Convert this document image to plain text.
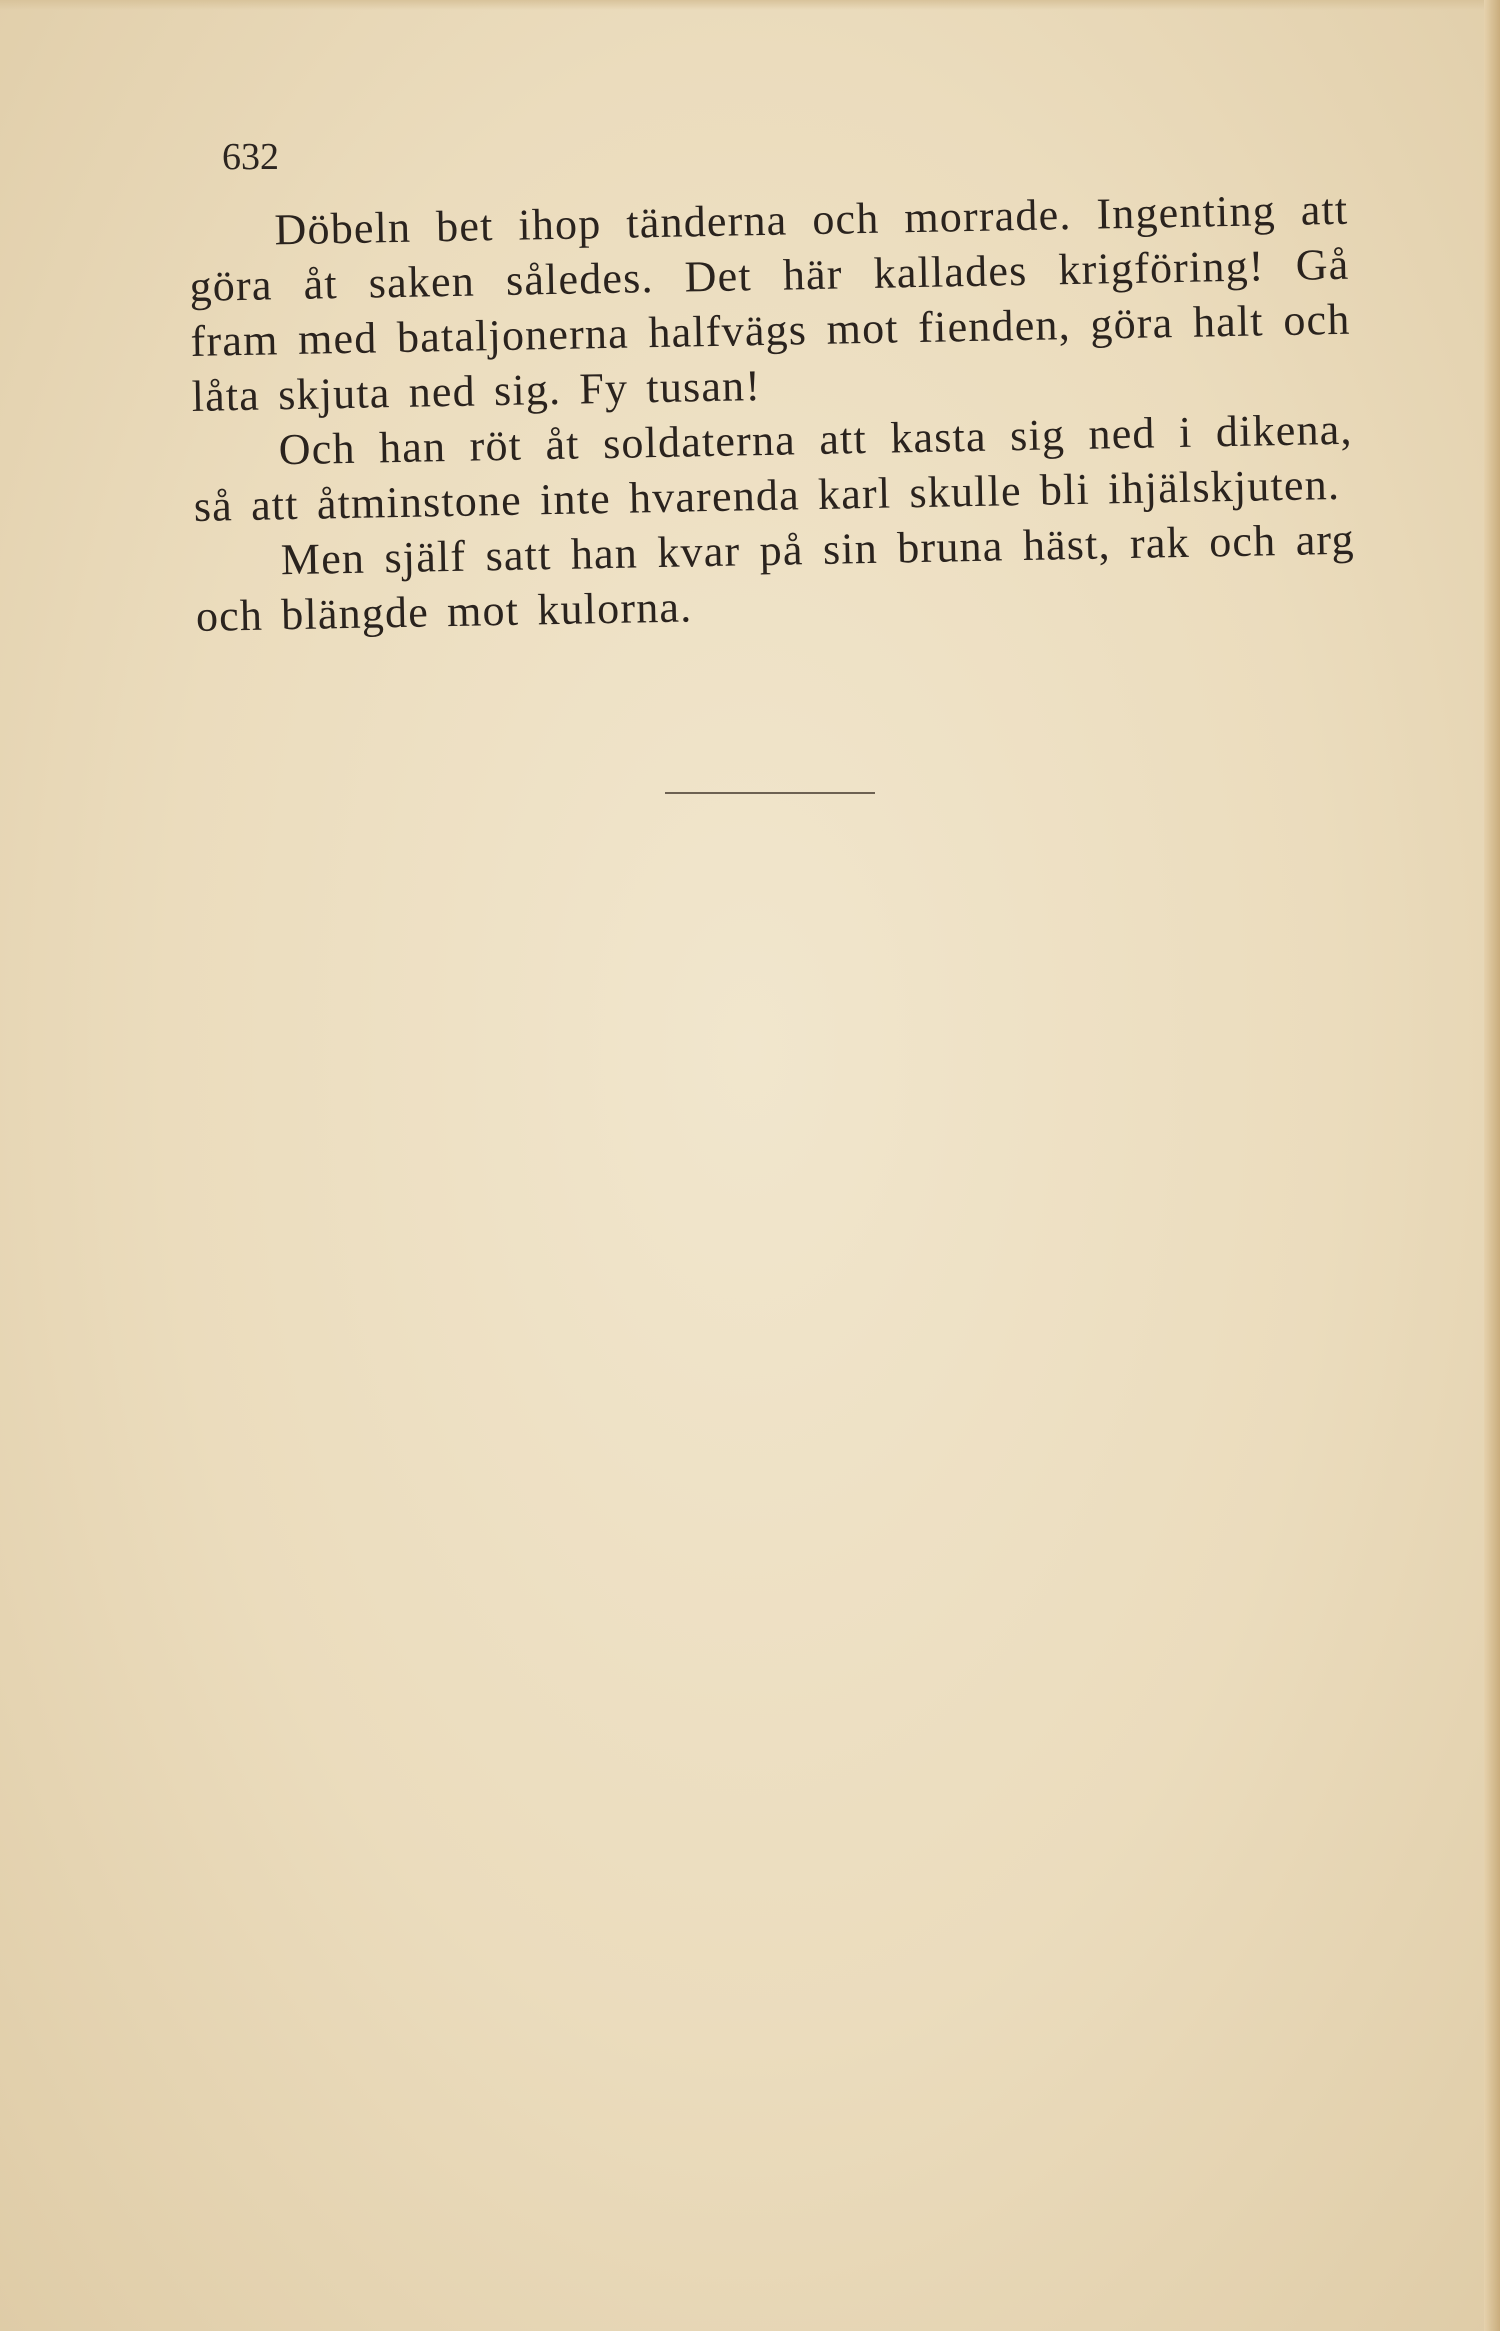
632

Döbeln bet ihop tänderna och morrade. Ingenting att göra åt saken således. Det här kallades krigföring! Gå fram med bataljonerna halfvägs mot fienden, göra halt och låta skjuta ned sig. Fy tusan!

Och han röt åt soldaterna att kasta sig ned i dikena, så att åtminstone inte hvarenda karl skulle bli ihjälskjuten.

Men själf satt han kvar på sin bruna häst, rak och arg och blängde mot kulorna.
